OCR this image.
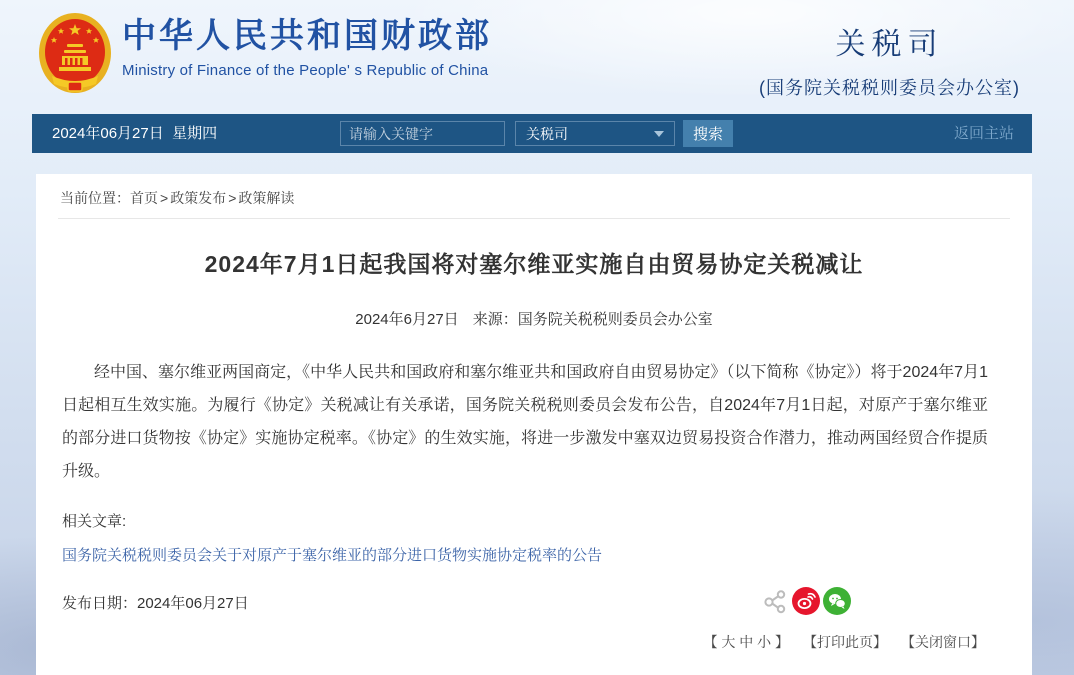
中华人民共和国财政部
Ministry of Finance of the People' s Republic of China
关税司
(国务院关税税则委员会办公室)
2024年06月27日  星期四
请输入关键字	关税司	搜索	返回主站
当前位置：首页 > 政策发布 > 政策解读
2024年7月1日起我国将对塞尔维亚实施自由贸易协定关税减让
2024年6月27日 来源：国务院关税税则委员会办公室
经中国、塞尔维亚两国商定，《中华人民共和国政府和塞尔维亚共和国政府自由贸易协定》（以下简称《协定》）将于2024年7月1日起相互生效实施。为履行《协定》关税减让有关承诺，国务院关税税则委员会发布公告，自2024年7月1日起，对原产于塞尔维亚的部分进口货物按《协定》实施协定税率。《协定》的生效实施，将进一步激发中塞双边贸易投资合作潜力，推动两国经贸合作提质升级。
相关文章:
国务院关税税则委员会关于对原产于塞尔维亚的部分进口货物实施协定税率的公告
发布日期：2024年06月27日
【 大 中 小 】 【打印此页】 【关闭窗口】
